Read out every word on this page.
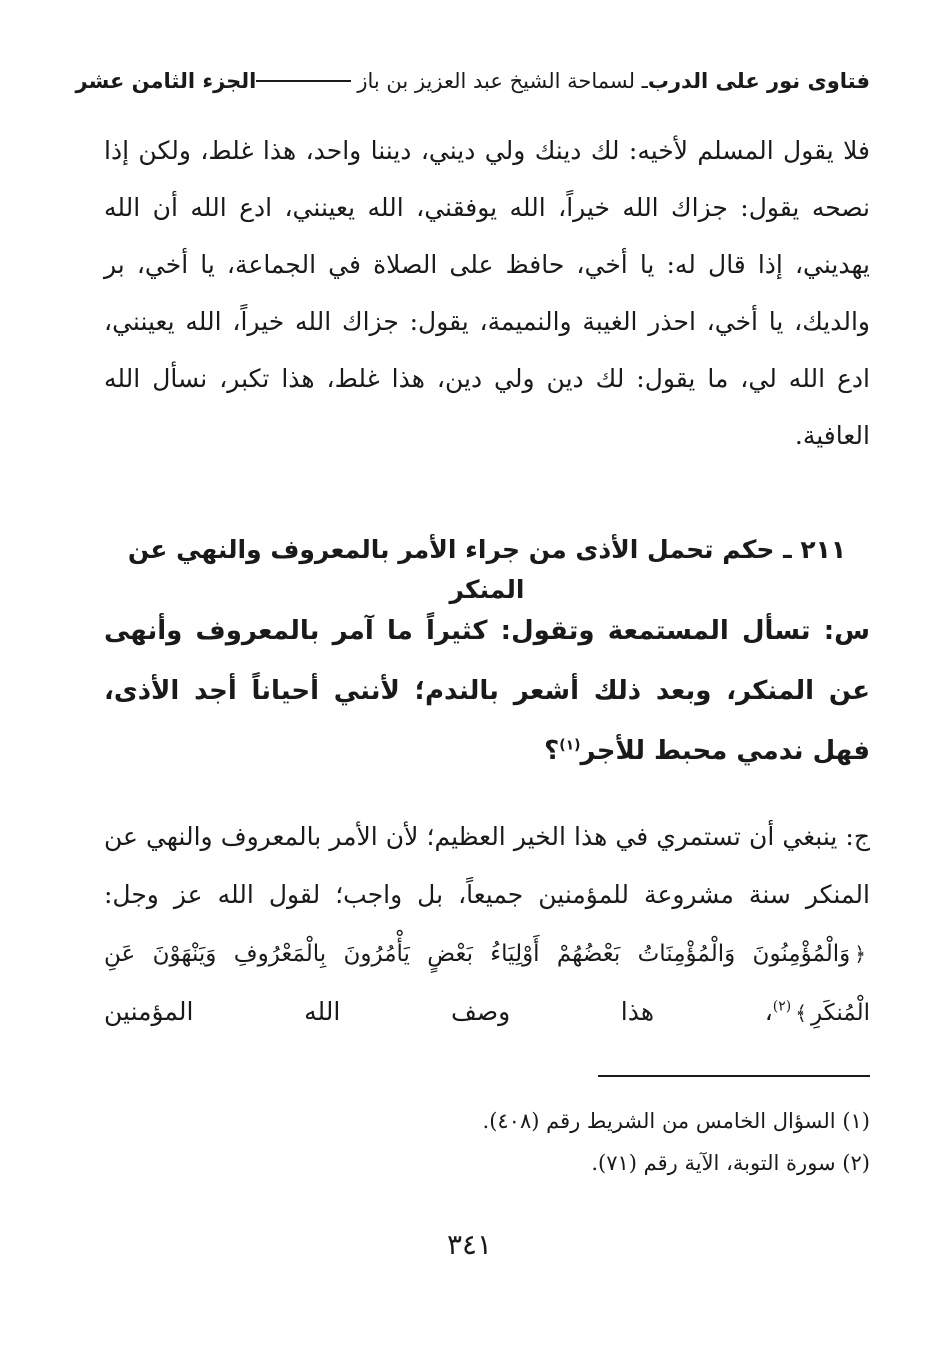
فتاوى نور على الدرب
ـ لسماحة الشيخ عبد العزيز بن باز
الجزء الثامن عشر
فلا يقول المسلم لأخيه: لك دينك ولي ديني، ديننا واحد، هذا غلط، ولكن إذا نصحه يقول: جزاك الله خيراً، الله يوفقني، الله يعينني، ادع الله أن الله يهديني، إذا قال له: يا أخي، حافظ على الصلاة في الجماعة، يا أخي، بر والديك، يا أخي، احذر الغيبة والنميمة، يقول: جزاك الله خيراً، الله يعينني، ادع الله لي، ما يقول: لك دين ولي دين، هذا غلط، هذا تكبر، نسأل الله العافية.
٢١١ ـ حكم تحمل الأذى من جراء الأمر بالمعروف والنهي عن المنكر
س: تسأل المستمعة وتقول: كثيراً ما آمر بالمعروف وأنهى عن المنكر، وبعد ذلك أشعر بالندم؛ لأنني أحياناً أجد الأذى، فهل ندمي محبط للأجر$^{(١)}$؟
ج: ينبغي أن تستمري في هذا الخير العظيم؛ لأن الأمر بالمعروف والنهي عن المنكر سنة مشروعة للمؤمنين جميعاً، بل واجب؛ لقول الله عز وجل: ﴿وَالْمُؤْمِنُونَ وَالْمُؤْمِنَاتُ بَعْضُهُمْ أَوْلِيَاءُ بَعْضٍ يَأْمُرُونَ بِالْمَعْرُوفِ وَيَنْهَوْنَ عَنِ الْمُنكَرِ﴾$^{(٢)}$، هذا وصف الله المؤمنين
(١) السؤال الخامس من الشريط رقم (٤٠٨).
(٢) سورة التوبة، الآية رقم (٧١).
٣٤١
